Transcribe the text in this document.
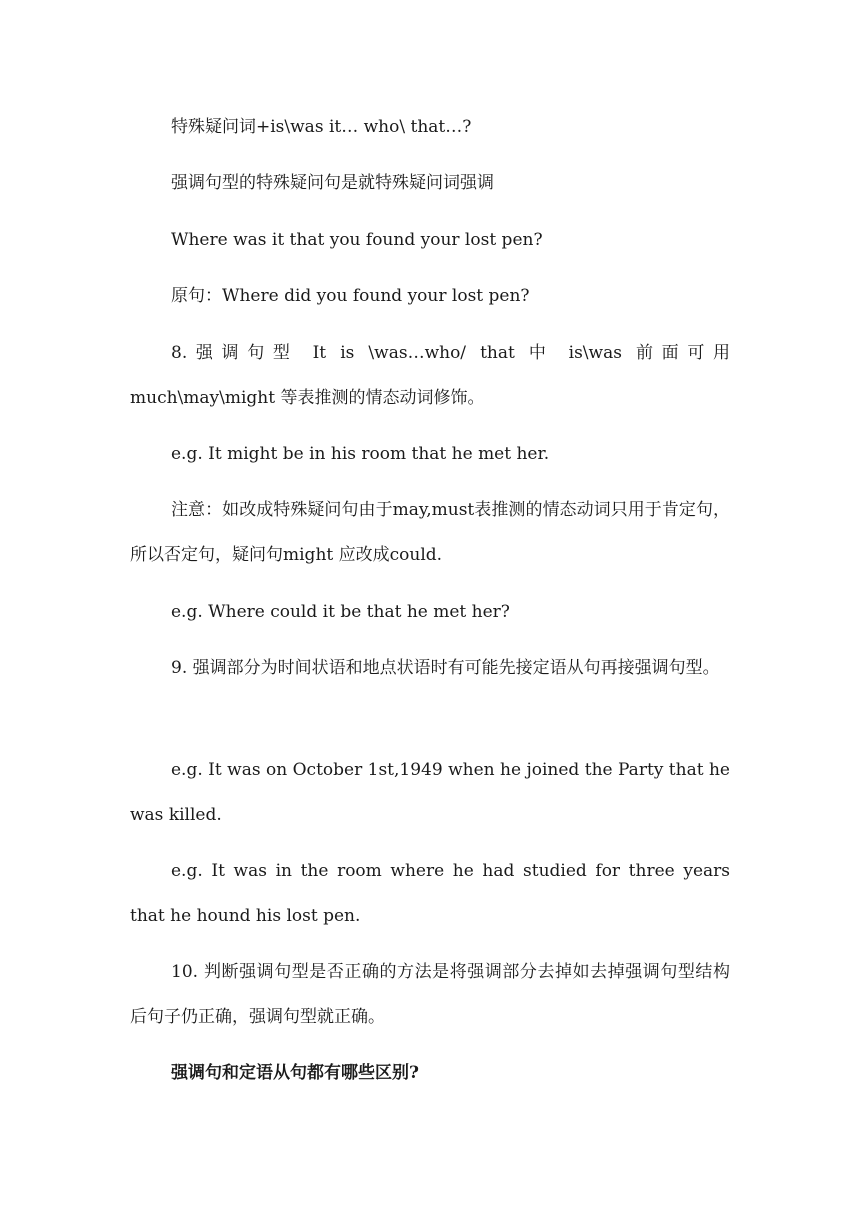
特殊疑问词+is\was it… who\ that…?

强调句型的特殊疑问句是就特殊疑问词强调

Where was it that you found your lost pen?

原句：Where did you found your lost pen?

8.强调句型 It is \was…who/ that 中 is\was 前面可用 much\may\might 等表推测的情态动词修饰。

e.g. It might be in his room that he met her.

注意：如改成特殊疑问句由于may,must表推测的情态动词只用于肯定句，所以否定句，疑问句might 应改成could.

e.g. Where could it be that he met her?

9. 强调部分为时间状语和地点状语时有可能先接定语从句再接强调句型。

e.g. It was on October 1st,1949 when he joined the Party that he was killed.

e.g. It was in the room where he had studied for three years that he hound his lost pen.

10. 判断强调句型是否正确的方法是将强调部分去掉如去掉强调句型结构后句子仍正确，强调句型就正确。

强调句和定语从句都有哪些区别?
